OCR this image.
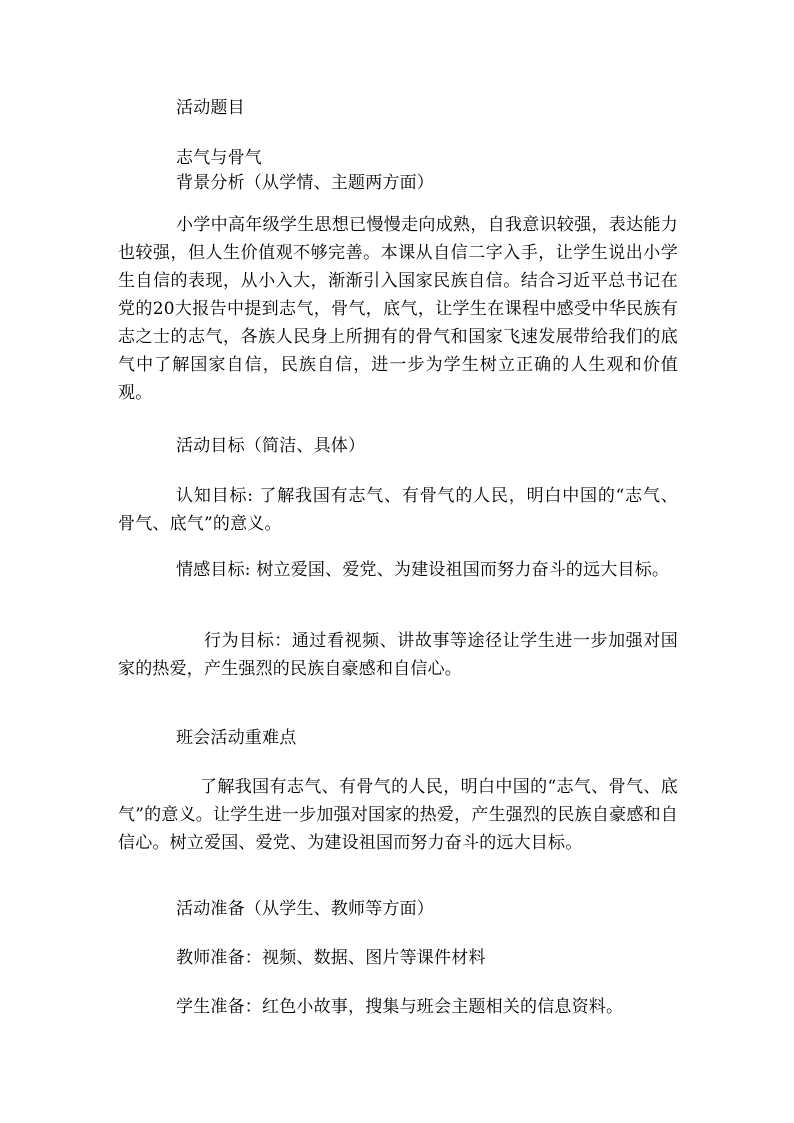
活动题目
志气与骨气
背景分析（从学情、主题两方面）
小学中高年级学生思想已慢慢走向成熟，自我意识较强，表达能力也较强，但人生价值观不够完善。本课从自信二字入手，让学生说出小学生自信的表现，从小入大，渐渐引入国家民族自信。结合习近平总书记在党的20大报告中提到志气，骨气，底气，让学生在课程中感受中华民族有志之士的志气，各族人民身上所拥有的骨气和国家飞速发展带给我们的底气中了解国家自信，民族自信，进一步为学生树立正确的人生观和价值观。
活动目标（简洁、具体）
认知目标: 了解我国有志气、有骨气的人民，明白中国的“志气、骨气、底气”的意义。
情感目标: 树立爱国、爱党、为建设祖国而努力奋斗的远大目标。
行为目标：通过看视频、讲故事等途径让学生进一步加强对国家的热爱，产生强烈的民族自豪感和自信心。
班会活动重难点
了解我国有志气、有骨气的人民，明白中国的“志气、骨气、底气”的意义。让学生进一步加强对国家的热爱，产生强烈的民族自豪感和自信心。树立爱国、爱党、为建设祖国而努力奋斗的远大目标。
活动准备（从学生、教师等方面）
教师准备：视频、数据、图片等课件材料
学生准备：红色小故事，搜集与班会主题相关的信息资料。
